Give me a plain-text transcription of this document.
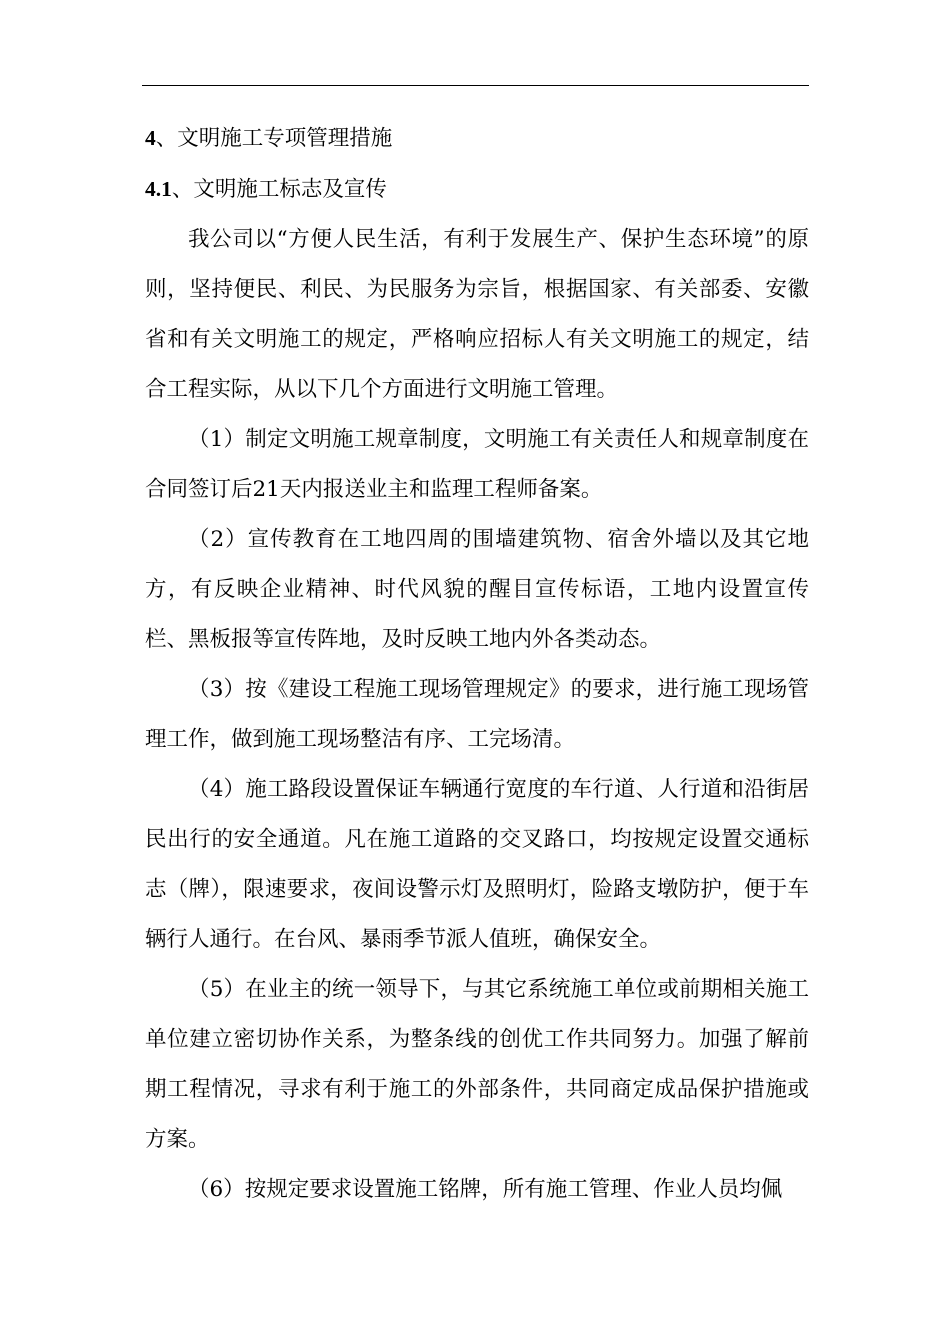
4、文明施工专项管理措施
4.1、文明施工标志及宣传

我公司以“方便人民生活，有利于发展生产、保护生态环境”的原则，坚持便民、利民、为民服务为宗旨，根据国家、有关部委、安徽省和有关文明施工的规定，严格响应招标人有关文明施工的规定，结合工程实际，从以下几个方面进行文明施工管理。

（1）制定文明施工规章制度，文明施工有关责任人和规章制度在合同签订后21天内报送业主和监理工程师备案。

（2）宣传教育在工地四周的围墙建筑物、宿舍外墙以及其它地方，有反映企业精神、时代风貌的醒目宣传标语，工地内设置宣传栏、黑板报等宣传阵地，及时反映工地内外各类动态。

（3）按《建设工程施工现场管理规定》的要求，进行施工现场管理工作，做到施工现场整洁有序、工完场清。

（4）施工路段设置保证车辆通行宽度的车行道、人行道和沿街居民出行的安全通道。凡在施工道路的交叉路口，均按规定设置交通标志（牌），限速要求，夜间设警示灯及照明灯，险路支墩防护，便于车辆行人通行。在台风、暴雨季节派人值班，确保安全。

（5）在业主的统一领导下，与其它系统施工单位或前期相关施工单位建立密切协作关系，为整条线的创优工作共同努力。加强了解前期工程情况，寻求有利于施工的外部条件，共同商定成品保护措施或方案。

（6）按规定要求设置施工铭牌，所有施工管理、作业人员均佩
